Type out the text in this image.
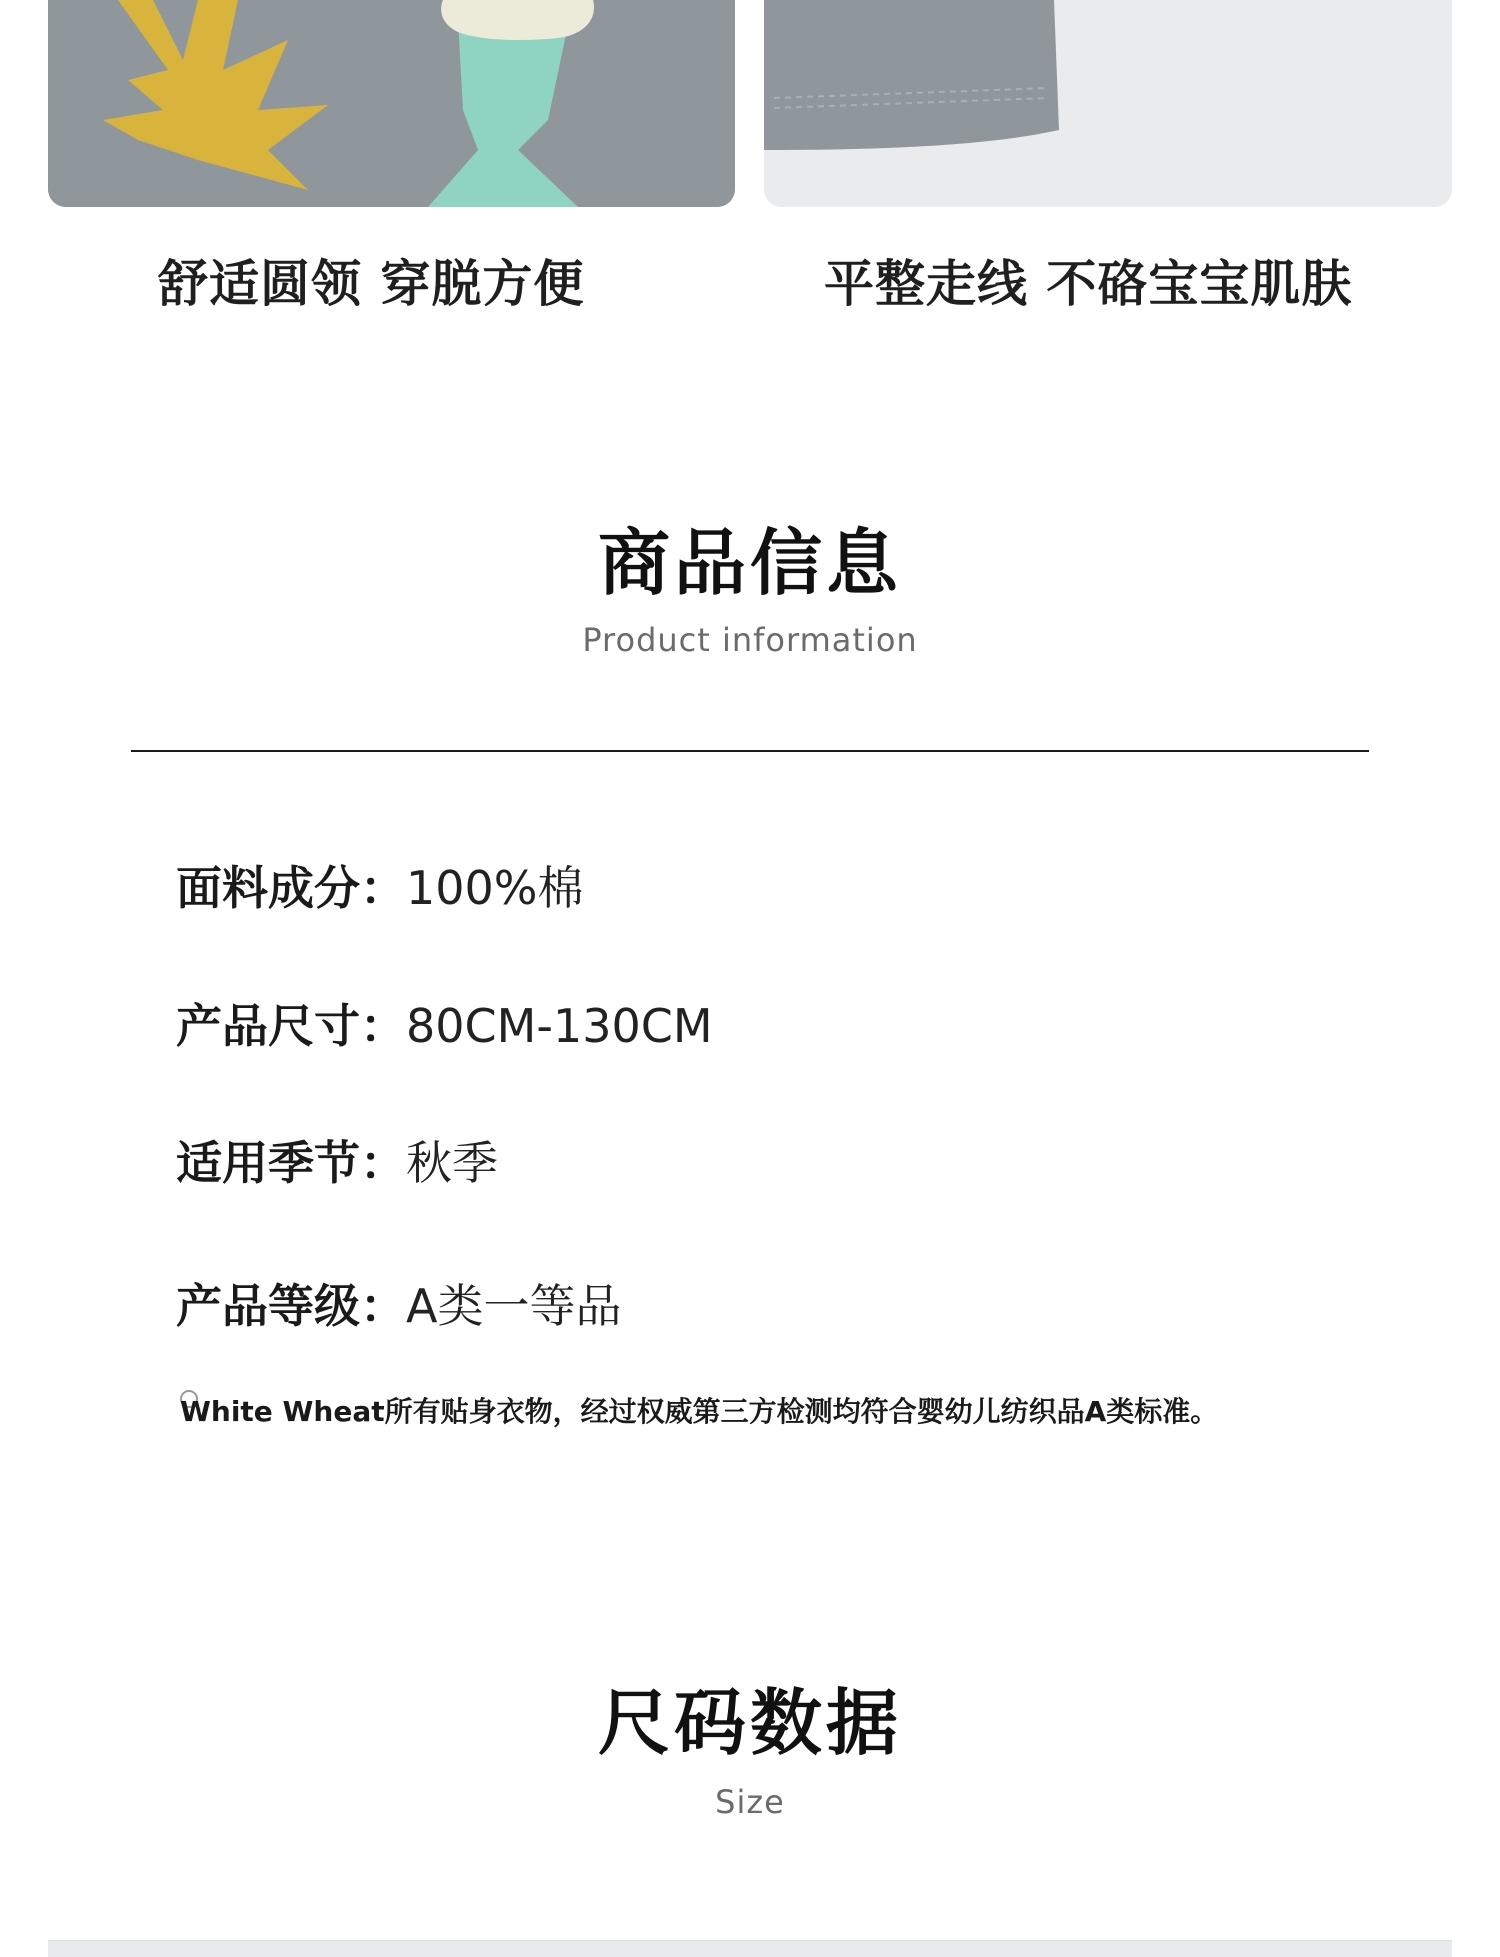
舒适圆领 穿脱方便	平整走线 不硌宝宝肌肤
商品信息
Product information
面料成分：100%棉
产品尺寸：80CM-130CM
适用季节：秋季
产品等级：A类一等品
White Wheat所有贴身衣物，经过权威第三方检测均符合婴幼儿纺织品A类标准。
尺码数据
Size
